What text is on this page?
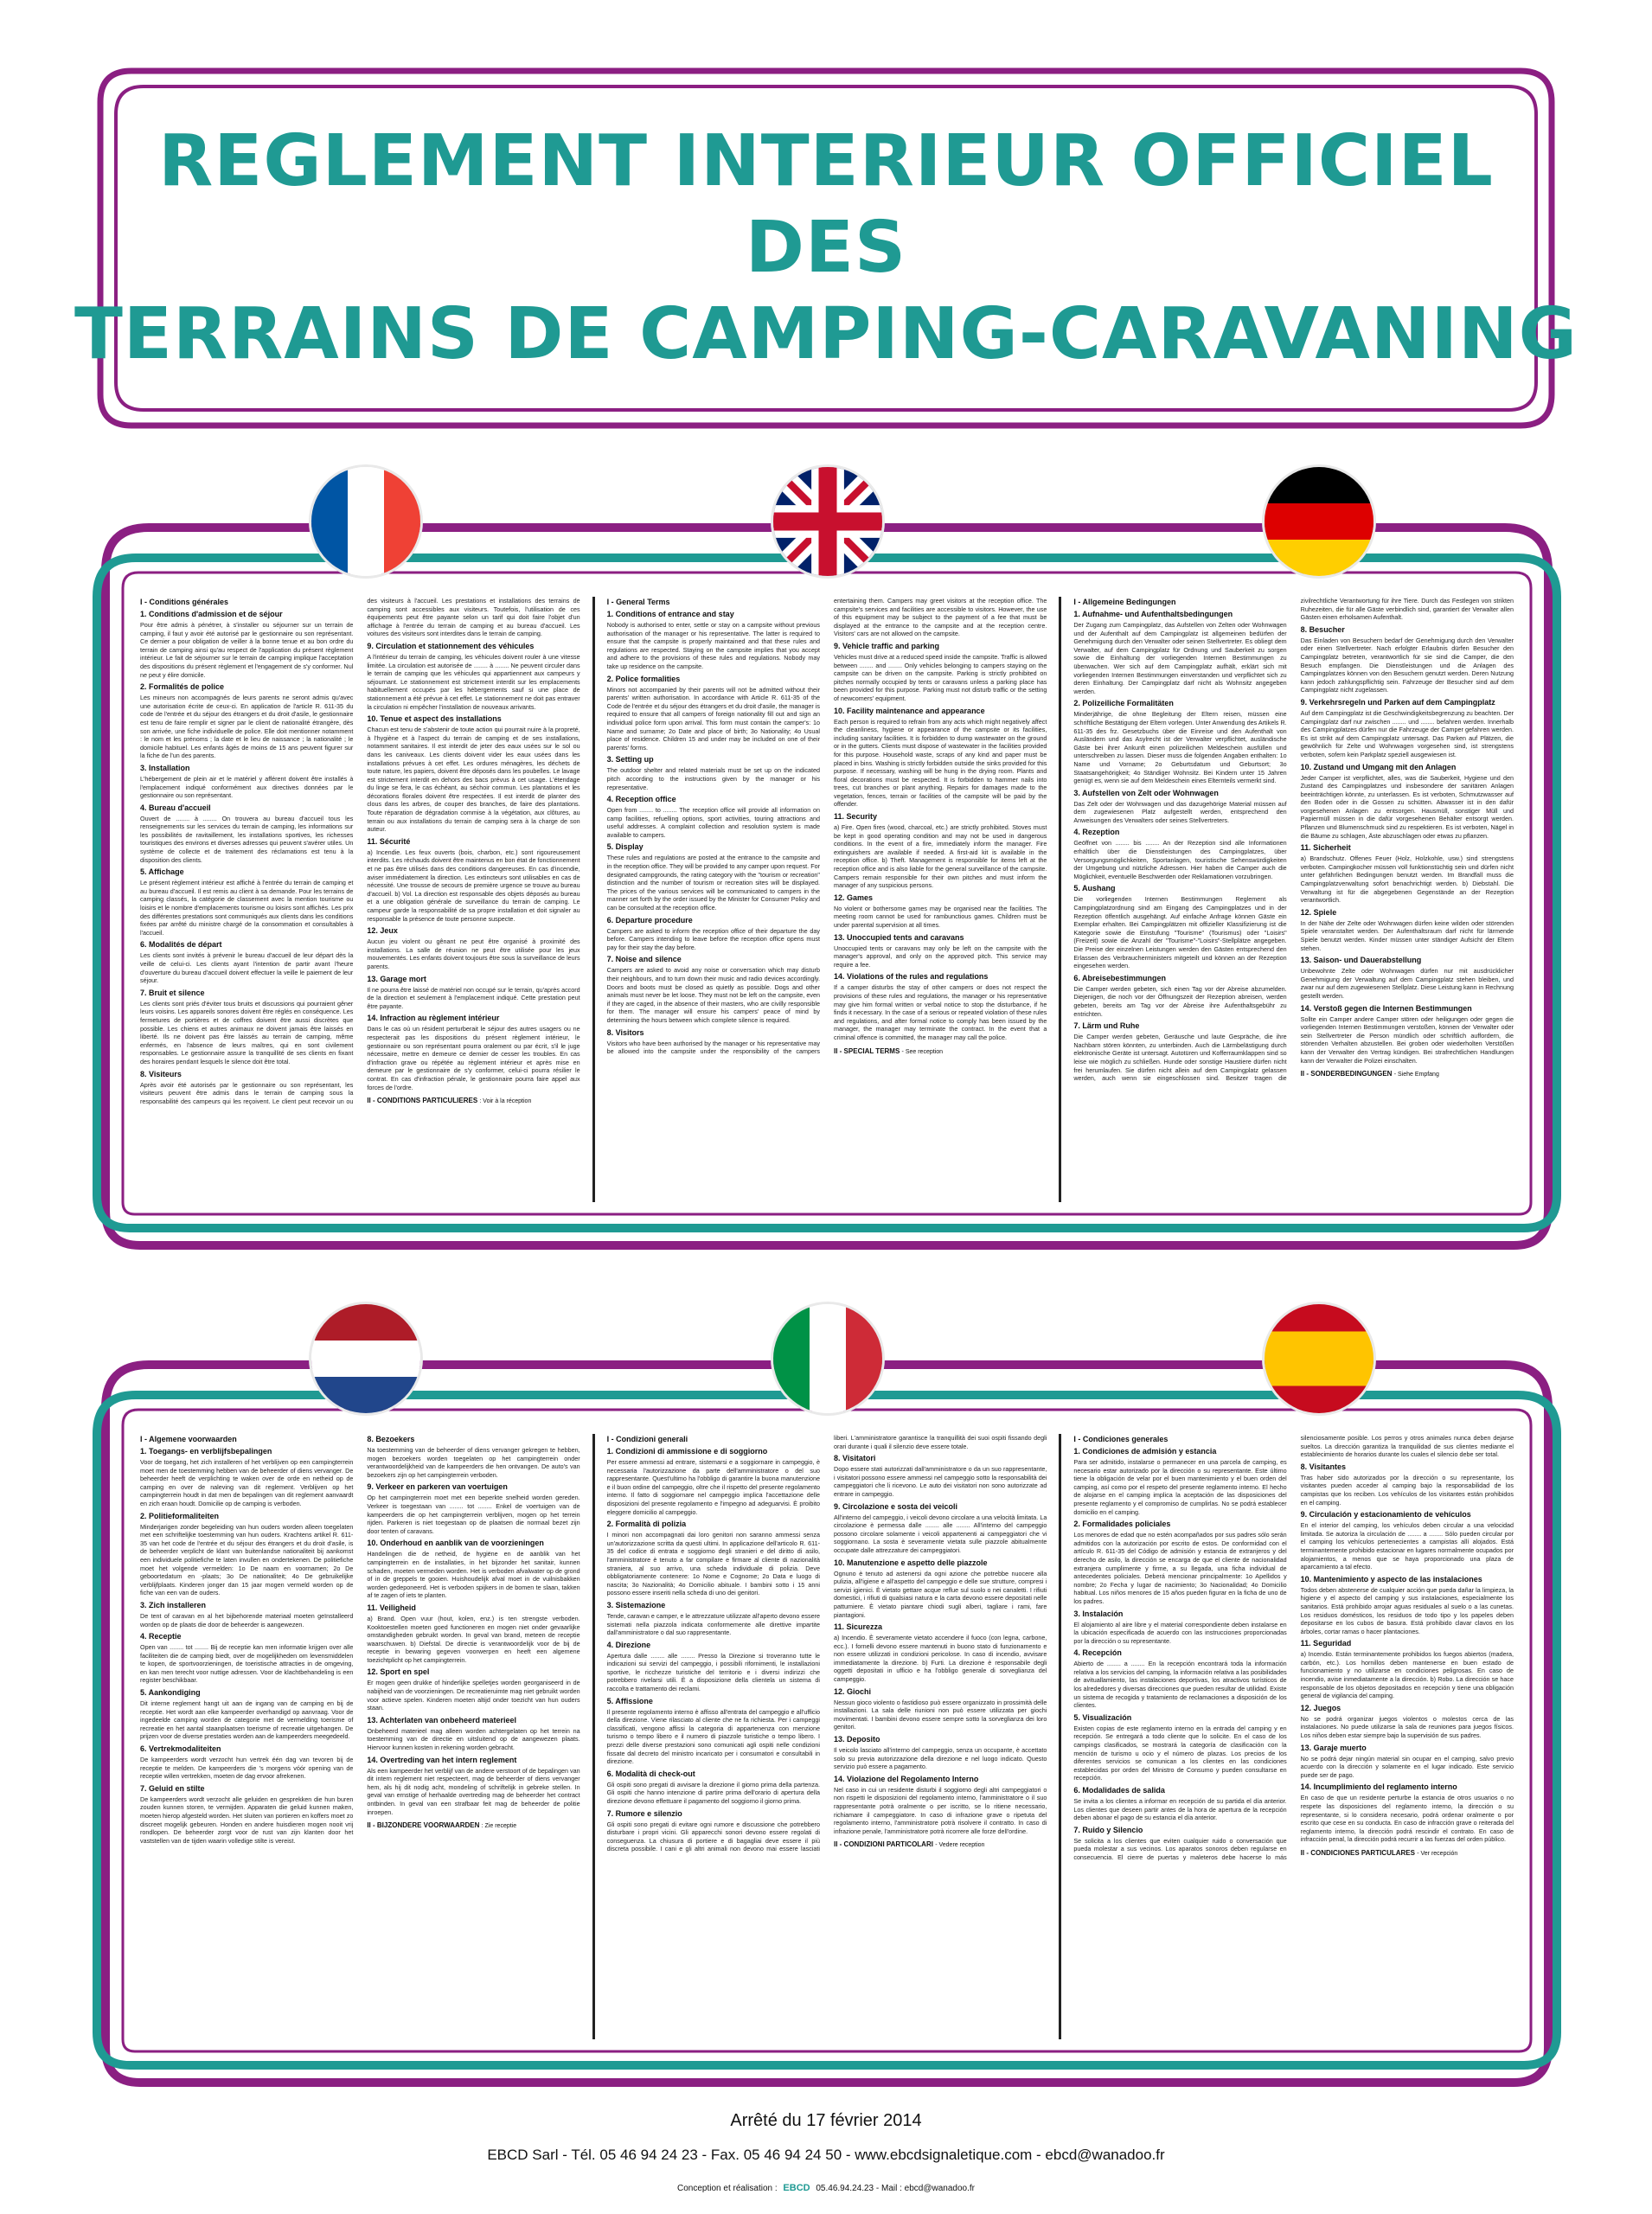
REGLEMENT INTERIEUR OFFICIEL
DES
TERRAINS DE CAMPING-CARAVANING
I - Conditions générales
1. Conditions d'admission et de séjour
Pour être admis à pénétrer, à s'installer ou séjourner sur un terrain de camping, il faut y avoir été autorisé par le gestionnaire ou son représentant. Ce dernier a pour obligation de veiller à la bonne tenue et au bon ordre du terrain de camping ainsi qu'au respect de l'application du présent règlement intérieur. Le fait de séjourner sur le terrain de camping implique l'acceptation des dispositions du présent règlement et l'engagement de s'y conformer. Nul ne peut y élire domicile.
2. Formalités de police
Les mineurs non accompagnés de leurs parents ne seront admis qu'avec une autorisation écrite de ceux-ci. En application de l'article R. 611-35 du code de l'entrée et du séjour des étrangers et du droit d'asile, le gestionnaire est tenu de faire remplir et signer par le client de nationalité étrangère, dès son arrivée, une fiche individuelle de police. Elle doit mentionner notamment : le nom et les prénoms ; la date et le lieu de naissance ; la nationalité ; le domicile habituel. Les enfants âgés de moins de 15 ans peuvent figurer sur la fiche de l'un des parents.
3. Installation
L'hébergement de plein air et le matériel y afférent doivent être installés à l'emplacement indiqué conformément aux directives données par le gestionnaire ou son représentant.
4. Bureau d'accueil
Ouvert de ........ à ........ On trouvera au bureau d'accueil tous les renseignements sur les services du terrain de camping, les informations sur les possibilités de ravitaillement, les installations sportives, les richesses touristiques des environs et diverses adresses qui peuvent s'avérer utiles. Un système de collecte et de traitement des réclamations est tenu à la disposition des clients.
5. Affichage
Le présent règlement intérieur est affiché à l'entrée du terrain de camping et au bureau d'accueil. Il est remis au client à sa demande. Pour les terrains de camping classés, la catégorie de classement avec la mention tourisme ou loisirs et le nombre d'emplacements tourisme ou loisirs sont affichés. Les prix des différentes prestations sont communiqués aux clients dans les conditions fixées par arrêté du ministre chargé de la consommation et consultables à l'accueil.
6. Modalités de départ
Les clients sont invités à prévenir le bureau d'accueil de leur départ dès la veille de celui-ci. Les clients ayant l'intention de partir avant l'heure d'ouverture du bureau d'accueil doivent effectuer la veille le paiement de leur séjour.
7. Bruit et silence
Les clients sont priés d'éviter tous bruits et discussions qui pourraient gêner leurs voisins. Les appareils sonores doivent être réglés en conséquence. Les fermetures de portières et de coffres doivent être aussi discrètes que possible. Les chiens et autres animaux ne doivent jamais être laissés en liberté. Ils ne doivent pas être laissés au terrain de camping, même enfermés, en l'absence de leurs maîtres, qui en sont civilement responsables. Le gestionnaire assure la tranquillité de ses clients en fixant des horaires pendant lesquels le silence doit être total.
8. Visiteurs
Après avoir été autorisés par le gestionnaire ou son représentant, les visiteurs peuvent être admis dans le terrain de camping sous la responsabilité des campeurs qui les reçoivent. Le client peut recevoir un ou des visiteurs à l'accueil. Les prestations et installations des terrains de camping sont accessibles aux visiteurs. Toutefois, l'utilisation de ces équipements peut être payante selon un tarif qui doit faire l'objet d'un affichage à l'entrée du terrain de camping et au bureau d'accueil. Les voitures des visiteurs sont interdites dans le terrain de camping.
9. Circulation et stationnement des véhicules
A l'intérieur du terrain de camping, les véhicules doivent rouler à une vitesse limitée. La circulation est autorisée de ........ à ........ Ne peuvent circuler dans le terrain de camping que les véhicules qui appartiennent aux campeurs y séjournant. Le stationnement est strictement interdit sur les emplacements habituellement occupés par les hébergements sauf si une place de stationnement a été prévue à cet effet. Le stationnement ne doit pas entraver la circulation ni empêcher l'installation de nouveaux arrivants.
10. Tenue et aspect des installations
Chacun est tenu de s'abstenir de toute action qui pourrait nuire à la propreté, à l'hygiène et à l'aspect du terrain de camping et de ses installations, notamment sanitaires. Il est interdit de jeter des eaux usées sur le sol ou dans les caniveaux. Les clients doivent vider les eaux usées dans les installations prévues à cet effet. Les ordures ménagères, les déchets de toute nature, les papiers, doivent être déposés dans les poubelles. Le lavage est strictement interdit en dehors des bacs prévus à cet usage. L'étendage du linge se fera, le cas échéant, au séchoir commun. Les plantations et les décorations florales doivent être respectées. Il est interdit de planter des clous dans les arbres, de couper des branches, de faire des plantations. Toute réparation de dégradation commise à la végétation, aux clôtures, au terrain ou aux installations du terrain de camping sera à la charge de son auteur.
11. Sécurité
a) Incendie. Les feux ouverts (bois, charbon, etc.) sont rigoureusement interdits. Les réchauds doivent être maintenus en bon état de fonctionnement et ne pas être utilisés dans des conditions dangereuses. En cas d'incendie, aviser immédiatement la direction. Les extincteurs sont utilisables en cas de nécessité. Une trousse de secours de première urgence se trouve au bureau d'accueil. b) Vol. La direction est responsable des objets déposés au bureau et a une obligation générale de surveillance du terrain de camping. Le campeur garde la responsabilité de sa propre installation et doit signaler au responsable la présence de toute personne suspecte.
12. Jeux
Aucun jeu violent ou gênant ne peut être organisé à proximité des installations. La salle de réunion ne peut être utilisée pour les jeux mouvementés. Les enfants doivent toujours être sous la surveillance de leurs parents.
13. Garage mort
Il ne pourra être laissé de matériel non occupé sur le terrain, qu'après accord de la direction et seulement à l'emplacement indiqué. Cette prestation peut être payante.
14. Infraction au règlement intérieur
Dans le cas où un résident perturberait le séjour des autres usagers ou ne respecterait pas les dispositions du présent règlement intérieur, le gestionnaire ou son représentant pourra oralement ou par écrit, s'il le juge nécessaire, mettre en demeure ce dernier de cesser les troubles. En cas d'infraction grave ou répétée au règlement intérieur et après mise en demeure par le gestionnaire de s'y conformer, celui-ci pourra résilier le contrat. En cas d'infraction pénale, le gestionnaire pourra faire appel aux forces de l'ordre.
II - CONDITIONS PARTICULIERES : Voir à la réception
I - General Terms
1. Conditions of entrance and stay
Nobody is authorised to enter, settle or stay on a campsite without previous authorisation of the manager or his representative. The latter is required to ensure that the campsite is properly maintained and that these rules and regulations are respected. Staying on the campsite implies that you accept and adhere to the provisions of these rules and regulations. Nobody may take up residence on the campsite.
2. Police formalities
Minors not accompanied by their parents will not be admitted without their parents' written authorisation. In accordance with Article R. 611-35 of the Code de l'entrée et du séjour des étrangers et du droit d'asile, the manager is required to ensure that all campers of foreign nationality fill out and sign an individual police form upon arrival. This form must contain the camper's: 1o Name and surname; 2o Date and place of birth; 3o Nationality; 4o Usual place of residence. Children 15 and under may be included on one of their parents' forms.
3. Setting up
The outdoor shelter and related materials must be set up on the indicated pitch according to the instructions given by the manager or his representative.
4. Reception office
Open from ........ to ........ The reception office will provide all information on camp facilities, refuelling options, sport activities, touring attractions and useful addresses. A complaint collection and resolution system is made available to campers.
5. Display
These rules and regulations are posted at the entrance to the campsite and in the reception office. They will be provided to any camper upon request. For designated campgrounds, the rating category with the "tourism or recreation" distinction and the number of tourism or recreation sites will be displayed. The prices of the various services will be communicated to campers in the manner set forth by the order issued by the Minister for Consumer Policy and can be consulted at the reception office.
6. Departure procedure
Campers are asked to inform the reception office of their departure the day before. Campers intending to leave before the reception office opens must pay for their stay the day before.
7. Noise and silence
Campers are asked to avoid any noise or conversation which may disturb their neighbours, and to turn down their music and radio devices accordingly. Doors and boots must be closed as quietly as possible. Dogs and other animals must never be let loose. They must not be left on the campsite, even if they are caged, in the absence of their masters, who are civilly responsible for them. The manager will ensure his campers' peace of mind by determining the hours between which complete silence is required.
8. Visitors
Visitors who have been authorised by the manager or his representative may be allowed into the campsite under the responsibility of the campers entertaining them. Campers may greet visitors at the reception office. The campsite's services and facilities are accessible to visitors. However, the use of this equipment may be subject to the payment of a fee that must be displayed at the entrance to the campsite and at the reception centre. Visitors' cars are not allowed on the campsite.
9. Vehicle traffic and parking
Vehicles must drive at a reduced speed inside the campsite. Traffic is allowed between ........ and ........ Only vehicles belonging to campers staying on the campsite can be driven on the campsite. Parking is strictly prohibited on pitches normally occupied by tents or caravans unless a parking place has been provided for this purpose. Parking must not disturb traffic or the setting of newcomers' equipment.
10. Facility maintenance and appearance
Each person is required to refrain from any acts which might negatively affect the cleanliness, hygiene or appearance of the campsite or its facilities, including sanitary facilities. It is forbidden to dump wastewater on the ground or in the gutters. Clients must dispose of wastewater in the facilities provided for this purpose. Household waste, scraps of any kind and paper must be placed in bins. Washing is strictly forbidden outside the sinks provided for this purpose. If necessary, washing will be hung in the drying room. Plants and floral decorations must be respected. It is forbidden to hammer nails into trees, cut branches or plant anything. Repairs for damages made to the vegetation, fences, terrain or facilities of the campsite will be paid by the offender.
11. Security
a) Fire. Open fires (wood, charcoal, etc.) are strictly prohibited. Stoves must be kept in good operating condition and may not be used in dangerous conditions. In the event of a fire, immediately inform the manager. Fire extinguishers are available if needed. A first-aid kit is available in the reception office. b) Theft. Management is responsible for items left at the reception office and is also liable for the general surveillance of the campsite. Campers remain responsible for their own pitches and must inform the manager of any suspicious persons.
12. Games
No violent or bothersome games may be organised near the facilities. The meeting room cannot be used for rambunctious games. Children must be under parental supervision at all times.
13. Unoccupied tents and caravans
Unoccupied tents or caravans may only be left on the campsite with the manager's approval, and only on the approved pitch. This service may require a fee.
14. Violations of the rules and regulations
If a camper disturbs the stay of other campers or does not respect the provisions of these rules and regulations, the manager or his representative may give him formal written or verbal notice to stop the disturbance, if he finds it necessary. In the case of a serious or repeated violation of these rules and regulations, and after formal notice to comply has been issued by the manager, the manager may terminate the contract. In the event that a criminal offence is committed, the manager may call the police.
II - SPECIAL TERMS - See reception
I - Allgemeine Bedingungen
1. Aufnahme- und Aufenthaltsbedingungen
Der Zugang zum Campingplatz, das Aufstellen von Zelten oder Wohnwagen und der Aufenthalt auf dem Campingplatz ist allgemeinen bedürfen der Genehmigung durch den Verwalter oder seinen Stellvertreter. Es obliegt dem Verwalter, auf dem Campingplatz für Ordnung und Sauberkeit zu sorgen sowie die Einhaltung der vorliegenden Internen Bestimmungen zu überwachen. Wer sich auf dem Campingplatz aufhält, erklärt sich mit vorliegenden Internen Bestimmungen einverstanden und verpflichtet sich zu deren Einhaltung. Der Campingplatz darf nicht als Wohnsitz angegeben werden.
2. Polizeiliche Formalitäten
Minderjährige, die ohne Begleitung der Eltern reisen, müssen eine schriftliche Bestätigung der Eltern vorlegen. Unter Anwendung des Artikels R. 611-35 des frz. Gesetzbuchs über die Einreise und den Aufenthalt von Ausländern und das Asylrecht ist der Verwalter verpflichtet, ausländische Gäste bei ihrer Ankunft einen polizeilichen Meldeschein ausfüllen und unterschreiben zu lassen. Dieser muss die folgenden Angaben enthalten: 1o Name und Vorname; 2o Geburtsdatum und Geburtsort; 3o Staatsangehörigkeit; 4o Ständiger Wohnsitz. Bei Kindern unter 15 Jahren genügt es, wenn sie auf dem Meldeschein eines Elternteils vermerkt sind.
3. Aufstellen von Zelt oder Wohnwagen
Das Zelt oder der Wohnwagen und das dazugehörige Material müssen auf dem zugewiesenen Platz aufgestellt werden, entsprechend den Anweisungen des Verwalters oder seines Stellvertreters.
4. Rezeption
Geöffnet von ........ bis ........ An der Rezeption sind alle Informationen erhältlich über die Dienstleistungen des Campingplatzes, über Versorgungsmöglichkeiten, Sportanlagen, touristische Sehenswürdigkeiten der Umgebung und nützliche Adressen. Hier haben die Camper auch die Möglichkeit, eventuelle Beschwerden oder Reklamationen vorzubringen.
5. Aushang
Die vorliegenden Internen Bestimmungen Reglement als Campingplatzordnung sind am Eingang des Campingplatzes und in der Rezeption öffentlich ausgehängt. Auf einfache Anfrage können Gäste ein Exemplar erhalten. Bei Campingplätzen mit offizieller Klassifizierung ist die Kategorie sowie die Einstufung "Tourisme" (Tourismus) oder "Loisirs" (Freizeit) sowie die Anzahl der "Tourisme"-"Loisirs"-Stellplätze angegeben. Die Preise der einzelnen Leistungen werden den Gästen entsprechend den Erlassen des Verbraucherministers mitgeteilt und können an der Rezeption eingesehen werden.
6. Abreisebestimmungen
Die Camper werden gebeten, sich einen Tag vor der Abreise abzumelden. Diejenigen, die noch vor der Öffnungszeit der Rezeption abreisen, werden gebeten, bereits am Tag vor der Abreise ihre Aufenthaltsgebühr zu entrichten.
7. Lärm und Ruhe
Die Camper werden gebeten, Geräusche und laute Gespräche, die ihre Nachbarn stören könnten, zu unterbinden. Auch die Lärmbelästigung durch elektronische Geräte ist untersagt. Autotüren und Kofferraumklappen sind so leise wie möglich zu schließen. Hunde oder sonstige Haustiere dürfen nicht frei herumlaufen. Sie dürfen nicht allein auf dem Campingplatz gelassen werden, auch wenn sie eingeschlossen sind. Besitzer tragen die zivilrechtliche Verantwortung für ihre Tiere. Durch das Festlegen von strikten Ruhezeiten, die für alle Gäste verbindlich sind, garantiert der Verwalter allen Gästen einen erholsamen Aufenthalt.
8. Besucher
Das Einladen von Besuchern bedarf der Genehmigung durch den Verwalter oder einen Stellvertreter. Nach erfolgter Erlaubnis dürfen Besucher den Campingplatz betreten, verantwortlich für sie sind die Camper, die den Besuch empfangen. Die Dienstleistungen und die Anlagen des Campingplatzes können von den Besuchern genutzt werden. Deren Nutzung kann jedoch zahlungspflichtig sein. Fahrzeuge der Besucher sind auf dem Campingplatz nicht zugelassen.
9. Verkehrsregeln und Parken auf dem Campingplatz
Auf dem Campingplatz ist die Geschwindigkeitsbegrenzung zu beachten. Der Campingplatz darf nur zwischen ........ und ........ befahren werden. Innerhalb des Campingplatzes dürfen nur die Fahrzeuge der Camper gefahren werden. Es ist strikt auf dem Campingplatz untersagt. Das Parken auf Plätzen, die gewöhnlich für Zelte und Wohnwagen vorgesehen sind, ist strengstens verboten, sofern kein Parkplatz speziell ausgewiesen ist.
10. Zustand und Umgang mit den Anlagen
Jeder Camper ist verpflichtet, alles, was die Sauberkeit, Hygiene und den Zustand des Campingplatzes und insbesondere der sanitären Anlagen beeinträchtigen könnte, zu unterlassen. Es ist verboten, Schmutzwasser auf den Boden oder in die Gossen zu schütten. Abwasser ist in den dafür vorgesehenen Anlagen zu entsorgen. Hausmüll, sonstiger Müll und Papiermüll müssen in die dafür vorgesehenen Behälter entsorgt werden. Pflanzen und Blumenschmuck sind zu respektieren. Es ist verboten, Nägel in die Bäume zu schlagen, Äste abzuschlagen oder etwas zu pflanzen.
11. Sicherheit
a) Brandschutz. Offenes Feuer (Holz, Holzkohle, usw.) sind strengstens verboten. Campingkocher müssen voll funktionstüchtig sein und dürfen nicht unter gefährlichen Bedingungen benutzt werden. Im Brandfall muss die Campingplatzverwaltung sofort benachrichtigt werden. b) Diebstahl. Die Verwaltung ist für die abgegebenen Gegenstände an der Rezeption verantwortlich.
12. Spiele
In der Nähe der Zelte oder Wohnwagen dürfen keine wilden oder störenden Spiele veranstaltet werden. Der Aufenthaltsraum darf nicht für lärmende Spiele benutzt werden. Kinder müssen unter ständiger Aufsicht der Eltern stehen.
13. Saison- und Dauerabstellung
Unbewohnte Zelte oder Wohnwagen dürfen nur mit ausdrücklicher Genehmigung der Verwaltung auf dem Campingplatz stehen bleiben, und zwar nur auf dem zugewiesenen Stellplatz. Diese Leistung kann in Rechnung gestellt werden.
14. Verstoß gegen die Internen Bestimmungen
Sollte ein Camper andere Camper stören oder heiligungen oder gegen die vorliegenden Internen Bestimmungen verstoßen, können der Verwalter oder sein Stellvertreter die Person mündlich oder schriftlich auffordern, die störenden Verhalten abzustellen. Bei groben oder wiederholten Verstößen kann der Verwalter den Vertrag kündigen. Bei strafrechtlichen Handlungen kann der Verwalter die Polizei einschalten.
II - SONDERBEDINGUNGEN - Siehe Empfang
I - Algemene voorwaarden
1. Toegangs- en verblijfsbepalingen
Voor de toegang, het zich installeren of het verblijven op een campingterrein moet men de toestemming hebben van de beheerder of diens vervanger. De beheerder heeft de verplichting te waken over de orde en netheid op de camping en over de naleving van dit reglement. Verblijven op het campingterrein houdt in dat men de bepalingen van dit reglement aanvaardt en zich eraan houdt. Domicilie op de camping is verboden.
2. Politieformaliteiten
Minderjarigen zonder begeleiding van hun ouders worden alleen toegelaten met een schriftelijke toestemming van hun ouders. Krachtens artikel R. 611-35 van het code de l'entrée et du séjour des étrangers et du droit d'asile, is de beheerder verplicht de klant van buitenlandse nationaliteit bij aankomst een individuele politiefiche te laten invullen en ondertekenen. De politiefiche moet het volgende vermelden: 1o De naam en voornamen; 2o De geboortedatum en -plaats; 3o De nationaliteit; 4o De gebruikelijke verblijfplaats. Kinderen jonger dan 15 jaar mogen vermeld worden op de fiche van een van de ouders.
3. Zich installeren
De tent of caravan en al het bijbehorende materiaal moeten geïnstalleerd worden op de plaats die door de beheerder is aangewezen.
4. Receptie
Open van ........ tot ........ Bij de receptie kan men informatie krijgen over alle faciliteiten die de camping biedt, over de mogelijkheden om levensmiddelen te kopen, de sportvoorzieningen, de toeristische attracties in de omgeving, en kan men terecht voor nuttige adressen. Voor de klachtbehandeling is een register beschikbaar.
5. Aankondiging
Dit interne reglement hangt uit aan de ingang van de camping en bij de receptie. Het wordt aan elke kampeerder overhandigd op aanvraag. Voor de ingedeelde camping worden de categorie met de vermelding toerisme of recreatie en het aantal staanplaatsen toerisme of recreatie uitgehangen. De prijzen voor de diverse prestaties worden aan de kampeerders meegedeeld.
6. Vertrekmodaliteiten
De kampeerders wordt verzocht hun vertrek één dag van tevoren bij de receptie te melden. De kampeerders die 's morgens vóór opening van de receptie willen vertrekken, moeten de dag ervoor afrekenen.
7. Geluid en stilte
De kampeerders wordt verzocht alle geluiden en gesprekken die hun buren zouden kunnen storen, te vermijden. Apparaten die geluid kunnen maken, moeten hierop afgesteld worden. Het sluiten van portieren en koffers moet zo discreet mogelijk gebeuren. Honden en andere huisdieren mogen nooit vrij rondlopen. De beheerder zorgt voor de rust van zijn klanten door het vaststellen van de tijden waarin volledige stilte is vereist.
8. Bezoekers
Na toestemming van de beheerder of diens vervanger gekregen te hebben, mogen bezoekers worden toegelaten op het campingterrein onder verantwoordelijkheid van de kampeerders die hen ontvangen. De auto's van bezoekers zijn op het campingterrein verboden.
9. Verkeer en parkeren van voertuigen
Op het campingterrein moet met een beperkte snelheid worden gereden. Verkeer is toegestaan van ........ tot ........ Enkel de voertuigen van de kampeerders die op het campingterrein verblijven, mogen op het terrein rijden. Parkeren is niet toegestaan op de plaatsen die normaal bezet zijn door tenten of caravans.
10. Onderhoud en aanblik van de voorzieningen
Handelingen die de netheid, de hygiëne en de aanblik van het campingterrein en de installaties, in het bijzonder het sanitair, kunnen schaden, moeten vermeden worden. Het is verboden afvalwater op de grond of in de greppels te gooien. Huishoudelijk afval moet in de vuilnisbakken worden gedeponeerd. Het is verboden spijkers in de bomen te slaan, takken af te zagen of iets te planten.
11. Veiligheid
a) Brand. Open vuur (hout, kolen, enz.) is ten strengste verboden. Kooktoestellen moeten goed functioneren en mogen niet onder gevaarlijke omstandigheden gebruikt worden. In geval van brand, meteen de receptie waarschuwen. b) Diefstal. De directie is verantwoordelijk voor de bij de receptie in bewaring gegeven voorwerpen en heeft een algemene toezichtplicht op het campingterrein.
12. Sport en spel
Er mogen geen drukke of hinderlijke spelletjes worden georganiseerd in de nabijheid van de voorzieningen. De recreatieruimte mag niet gebruikt worden voor actieve spelen. Kinderen moeten altijd onder toezicht van hun ouders staan.
13. Achterlaten van onbeheerd materieel
Onbeheerd materieel mag alleen worden achtergelaten op het terrein na toestemming van de directie en uitsluitend op de aangewezen plaats. Hiervoor kunnen kosten in rekening worden gebracht.
14. Overtreding van het intern reglement
Als een kampeerder het verblijf van de andere verstoort of de bepalingen van dit intern reglement niet respecteert, mag de beheerder of diens vervanger hem, als hij dit nodig acht, mondeling of schriftelijk in gebreke stellen. In geval van ernstige of herhaalde overtreding mag de beheerder het contract ontbinden. In geval van een strafbaar feit mag de beheerder de politie inroepen.
II - BIJZONDERE VOORWAARDEN : Zie receptie
I - Condizioni generali
1. Condizioni di ammissione e di soggiorno
Per essere ammessi ad entrare, sistemarsi e a soggiornare in campeggio, è necessaria l'autorizzazione da parte dell'amministratore o del suo rappresentante. Quest'ultimo ha l'obbligo di garantire la buona manutenzione e il buon ordine del campeggio, oltre che il rispetto del presente regolamento interno. Il fatto di soggiornare nel campeggio implica l'accettazione delle disposizioni del presente regolamento e l'impegno ad adeguarvisi. È proibito eleggere domicilio al campeggio.
2. Formalità di polizia
I minori non accompagnati dai loro genitori non saranno ammessi senza un'autorizzazione scritta da questi ultimi. In applicazione dell'articolo R. 611-35 del codice di entrata e soggiorno degli stranieri e del diritto di asilo, l'amministratore è tenuto a far compilare e firmare al cliente di nazionalità straniera, al suo arrivo, una scheda individuale di polizia. Deve obbligatoriamente contenere: 1o Nome e Cognome; 2o Data e luogo di nascita; 3o Nazionalità; 4o Domicilio abituale. I bambini sotto i 15 anni possono essere inseriti nella scheda di uno dei genitori.
3. Sistemazione
Tende, caravan e camper, e le attrezzature utilizzate all'aperto devono essere sistemati nella piazzola indicata conformemente alle direttive impartite dall'amministratore o dal suo rappresentante.
4. Direzione
Apertura dalle ........ alle ........ Presso la Direzione si troveranno tutte le indicazioni sui servizi del campeggio, i possibili rifornimenti, le installazioni sportive, le ricchezze turistiche del territorio e i diversi indirizzi che potrebbero rivelarsi utili. È a disposizione della clientela un sistema di raccolta e trattamento dei reclami.
5. Affissione
Il presente regolamento interno è affisso all'entrata del campeggio e all'ufficio della direzione. Viene rilasciato al cliente che ne fa richiesta. Per i campeggi classificati, vengono affissi la categoria di appartenenza con menzione turismo o tempo libero e il numero di piazzole turistiche o tempo libero. I prezzi delle diverse prestazioni sono comunicati agli ospiti nelle condizioni fissate dal decreto del ministro incaricato per i consumatori e consultabili in direzione.
6. Modalità di check-out
Gli ospiti sono pregati di avvisare la direzione il giorno prima della partenza. Gli ospiti che hanno intenzione di partire prima dell'orario di apertura della direzione devono effettuare il pagamento del soggiorno il giorno prima.
7. Rumore e silenzio
Gli ospiti sono pregati di evitare ogni rumore e discussione che potrebbero disturbare i propri vicini. Gli apparecchi sonori devono essere regolati di conseguenza. La chiusura di portiere e di bagagliai deve essere il più discreta possibile. I cani e gli altri animali non devono mai essere lasciati liberi. L'amministratore garantisce la tranquillità dei suoi ospiti fissando degli orari durante i quali il silenzio deve essere totale.
8. Visitatori
Dopo essere stati autorizzati dall'amministratore o da un suo rappresentante, i visitatori possono essere ammessi nel campeggio sotto la responsabilità dei campeggiatori che li ricevono. Le auto dei visitatori non sono autorizzate ad entrare in campeggio.
9. Circolazione e sosta dei veicoli
All'interno del campeggio, i veicoli devono circolare a una velocità limitata. La circolazione è permessa dalle ........ alle ........ All'interno del campeggio possono circolare solamente i veicoli appartenenti ai campeggiatori che vi soggiornano. La sosta è severamente vietata sulle piazzole abitualmente occupate dalle attrezzature dei campeggiatori.
10. Manutenzione e aspetto delle piazzole
Ognuno è tenuto ad astenersi da ogni azione che potrebbe nuocere alla pulizia, all'igiene e all'aspetto del campeggio e delle sue strutture, compresi i servizi igienici. È vietato gettare acque reflue sul suolo o nei canaletti. I rifiuti domestici, i rifiuti di qualsiasi natura e la carta devono essere depositati nelle pattumiere. È vietato piantare chiodi sugli alberi, tagliare i rami, fare piantagioni.
11. Sicurezza
a) Incendio. È severamente vietato accendere il fuoco (con legna, carbone, ecc.). I fornelli devono essere mantenuti in buono stato di funzionamento e non essere utilizzati in condizioni pericolose. In caso di incendio, avvisare immediatamente la direzione. b) Furti. La direzione è responsabile degli oggetti depositati in ufficio e ha l'obbligo generale di sorveglianza del campeggio.
12. Giochi
Nessun gioco violento o fastidioso può essere organizzato in prossimità delle installazioni. La sala delle riunioni non può essere utilizzata per giochi movimentati. I bambini devono essere sempre sotto la sorveglianza dei loro genitori.
13. Deposito
Il veicolo lasciato all'interno del campeggio, senza un occupante, è accettato solo su previa autorizzazione della direzione e nel luogo indicato. Questo servizio può essere a pagamento.
14. Violazione del Regolamento Interno
Nel caso in cui un residente disturbi il soggiorno degli altri campeggiatori o non rispetti le disposizioni del regolamento interno, l'amministratore o il suo rappresentante potrà oralmente o per iscritto, se lo ritiene necessario, richiamare il campeggiatore. In caso di infrazione grave o ripetuta del regolamento interno, l'amministratore potrà risolvere il contratto. In caso di infrazione penale, l'amministratore potrà ricorrere alle forze dell'ordine.
II - CONDIZIONI PARTICOLARI - Vedere reception
I - Condiciones generales
1. Condiciones de admisión y estancia
Para ser admitido, instalarse o permanecer en una parcela de camping, es necesario estar autorizado por la dirección o su representante. Este último tiene la obligación de velar por el buen mantenimiento y el buen orden del camping, así como por el respeto del presente reglamento interno. El hecho de alojarse en el camping implica la aceptación de las disposiciones del presente reglamento y el compromiso de cumplirlas. No se podrá establecer domicilio en el camping.
2. Formalidades policiales
Los menores de edad que no estén acompañados por sus padres sólo serán admitidos con la autorización por escrito de estos. De conformidad con el artículo R. 611-35 del Código de admisión y estancia de extranjeros y del derecho de asilo, la dirección se encarga de que el cliente de nacionalidad extranjera cumplimente y firme, a su llegada, una ficha individual de antecedentes policiales. Deberá mencionar principalmente: 1o Apellidos y nombre; 2o Fecha y lugar de nacimiento; 3o Nacionalidad; 4o Domicilio habitual. Los niños menores de 15 años pueden figurar en la ficha de uno de los padres.
3. Instalación
El alojamiento al aire libre y el material correspondiente deben instalarse en la ubicación especificada de acuerdo con las instrucciones proporcionadas por la dirección o su representante.
4. Recepción
Abierto de ........ a ........ En la recepción encontrará toda la información relativa a los servicios del camping, la información relativa a las posibilidades de avituallamiento, las instalaciones deportivas, los atractivos turísticos de los alrededores y diversas direcciones que pueden resultar de utilidad. Existe un sistema de recogida y tratamiento de reclamaciones a disposición de los clientes.
5. Visualización
Existen copias de este reglamento interno en la entrada del camping y en recepción. Se entregará a todo cliente que lo solicite. En el caso de los campings clasificados, se mostrará la categoría de clasificación con la mención de turismo u ocio y el número de plazas. Los precios de los diferentes servicios se comunican a los clientes en las condiciones establecidas por orden del Ministro de Consumo y pueden consultarse en recepción.
6. Modalidades de salida
Se invita a los clientes a informar en recepción de su partida el día anterior. Los clientes que deseen partir antes de la hora de apertura de la recepción deben abonar el pago de su estancia el día anterior.
7. Ruido y Silencio
Se solicita a los clientes que eviten cualquier ruido o conversación que pueda molestar a sus vecinos. Los aparatos sonoros deben regularse en consecuencia. El cierre de puertas y maleteros debe hacerse lo más silenciosamente posible. Los perros y otros animales nunca deben dejarse sueltos. La dirección garantiza la tranquilidad de sus clientes mediante el establecimiento de horarios durante los cuales el silencio debe ser total.
8. Visitantes
Tras haber sido autorizados por la dirección o su representante, los visitantes pueden acceder al camping bajo la responsabilidad de los campistas que los reciben. Los vehículos de los visitantes están prohibidos en el camping.
9. Circulación y estacionamiento de vehículos
En el interior del camping, los vehículos deben circular a una velocidad limitada. Se autoriza la circulación de ........ a ........ Sólo pueden circular por el camping los vehículos pertenecientes a campistas allí alojados. Está terminantemente prohibido estacionar en lugares normalmente ocupados por alojamientos, a menos que se haya proporcionado una plaza de aparcamiento a tal efecto.
10. Mantenimiento y aspecto de las instalaciones
Todos deben abstenerse de cualquier acción que pueda dañar la limpieza, la higiene y el aspecto del camping y sus instalaciones, especialmente los sanitarios. Está prohibido arrojar aguas residuales al suelo o a las cunetas. Los residuos domésticos, los residuos de todo tipo y los papeles deben depositarse en los cubos de basura. Está prohibido clavar clavos en los árboles, cortar ramas o hacer plantaciones.
11. Seguridad
a) Incendio. Están terminantemente prohibidos los fuegos abiertos (madera, carbón, etc.). Los hornillos deben mantenerse en buen estado de funcionamiento y no utilizarse en condiciones peligrosas. En caso de incendio, avise inmediatamente a la dirección. b) Robo. La dirección se hace responsable de los objetos depositados en recepción y tiene una obligación general de vigilancia del camping.
12. Juegos
No se podrá organizar juegos violentos o molestos cerca de las instalaciones. No puede utilizarse la sala de reuniones para juegos físicos. Los niños deben estar siempre bajo la supervisión de sus padres.
13. Garaje muerto
No se podrá dejar ningún material sin ocupar en el camping, salvo previo acuerdo con la dirección y solamente en el lugar indicado. Este servicio puede ser de pago.
14. Incumplimiento del reglamento interno
En caso de que un residente perturbe la estancia de otros usuarios o no respete las disposiciones del reglamento interno, la dirección o su representante, si lo considera necesario, podrá ordenar oralmente o por escrito que cese en su conducta. En caso de infracción grave o reiterada del reglamento interno, la dirección podrá rescindir el contrato. En caso de infracción penal, la dirección podrá recurrir a las fuerzas del orden público.
II - CONDICIONES PARTICULARES - Ver recepción
Arrêté du 17 février 2014
EBCD Sarl - Tél. 05 46 94 24 23 - Fax. 05 46 94 24 50 - www.ebcdsignaletique.com - ebcd@wanadoo.fr
Conception et réalisation : EBCD 05.46.94.24.23 - Mail : ebcd@wanadoo.fr
